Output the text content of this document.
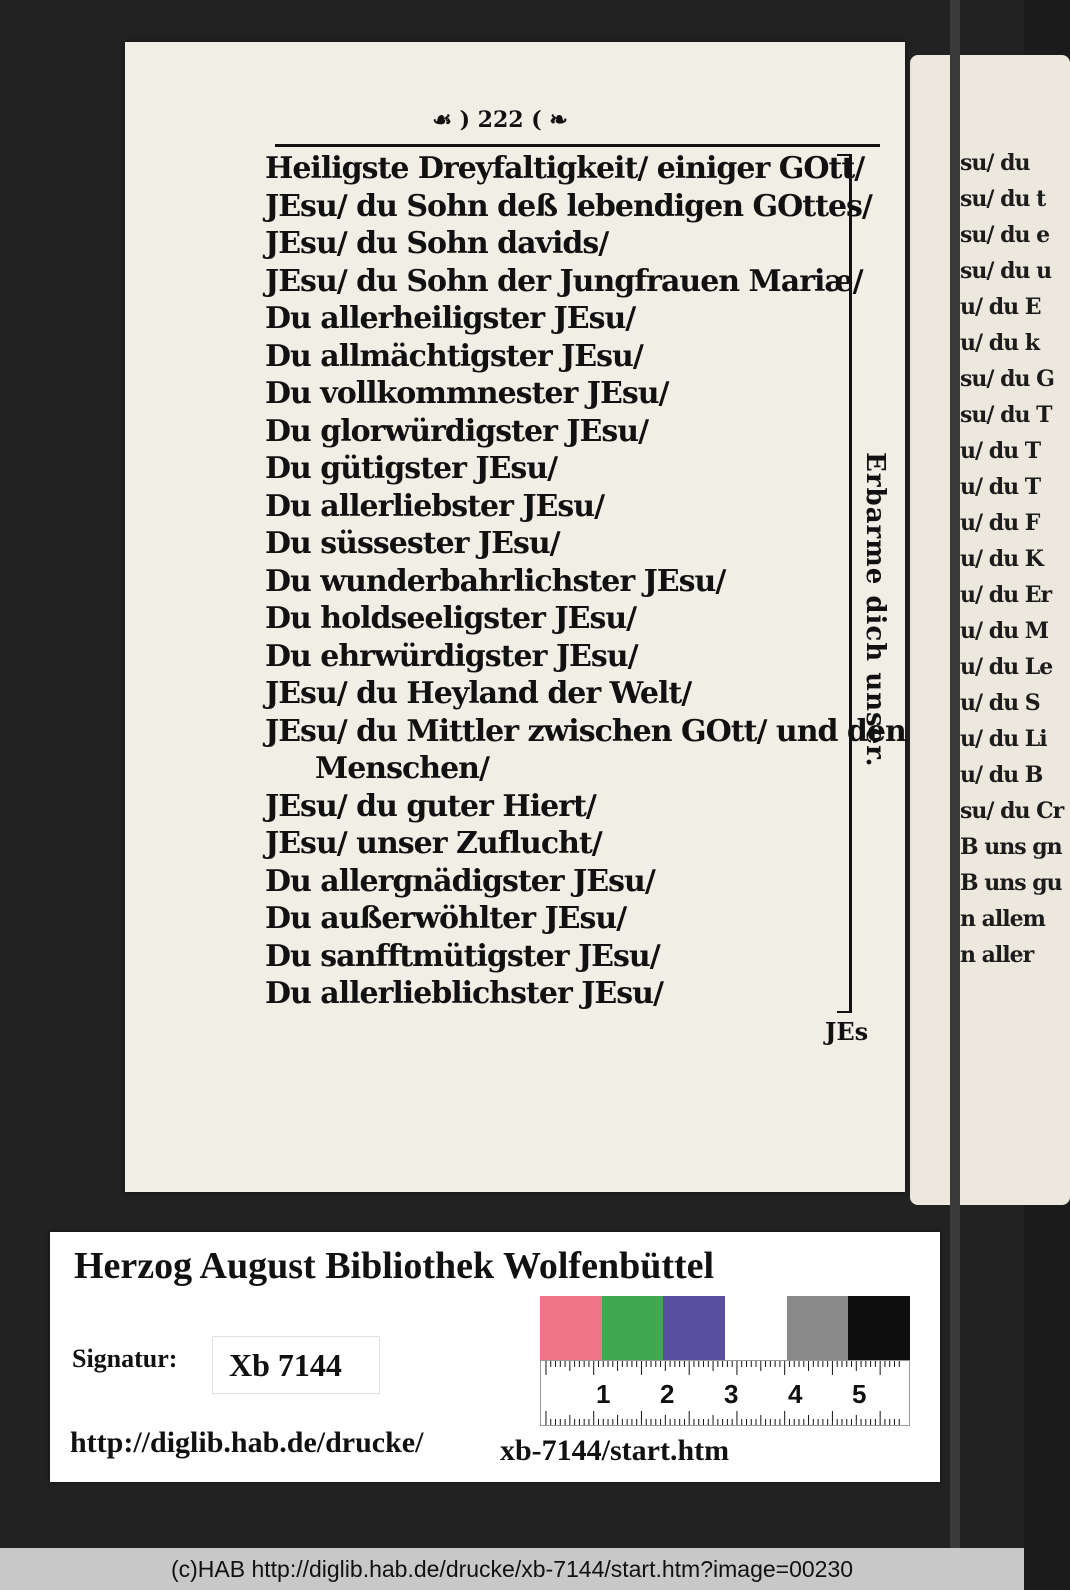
su/ du
su/ du t
su/ du e
su/ du u
u/ du E
u/ du k
su/ du G
su/ du T
u/ du T
u/ du T
u/ du F
u/ du K
u/ du Er
u/ du M
u/ du Le
u/ du S
u/ du Li
u/ du B
su/ du Cr
B uns gn
B uns gu
n allem
n aller
☙ ) 222 ( ❧
Heiligste Dreyfaltigkeit/ einiger GOtt/
JEsu/ du Sohn deß lebendigen GOttes/
JEsu/ du Sohn davids/
JEsu/ du Sohn der Jungfrauen Mariæ/
Du allerheiligster JEsu/
Du allmächtigster JEsu/
Du vollkommnester JEsu/
Du glorwürdigster JEsu/
Du gütigster JEsu/
Du allerliebster JEsu/
Du süssester JEsu/
Du wunderbahrlichster JEsu/
Du holdseeligster JEsu/
Du ehrwürdigster JEsu/
JEsu/ du Heyland der Welt/
JEsu/ du Mittler zwischen GOtt/ und den
Menschen/
JEsu/ du guter Hiert/
JEsu/ unser Zuflucht/
Du allergnädigster JEsu/
Du außerwöhlter JEsu/
Du sanfftmütigster JEsu/
Du allerlieblichster JEsu/
Erbarme dich unser.
JEs
Herzog August Bibliothek Wolfenbüttel
Signatur: Xb 7144
1 2 3 4 5
http://diglib.hab.de/drucke/	xb-7144/start.htm
(c)HAB http://diglib.hab.de/drucke/xb-7144/start.htm?image=00230
